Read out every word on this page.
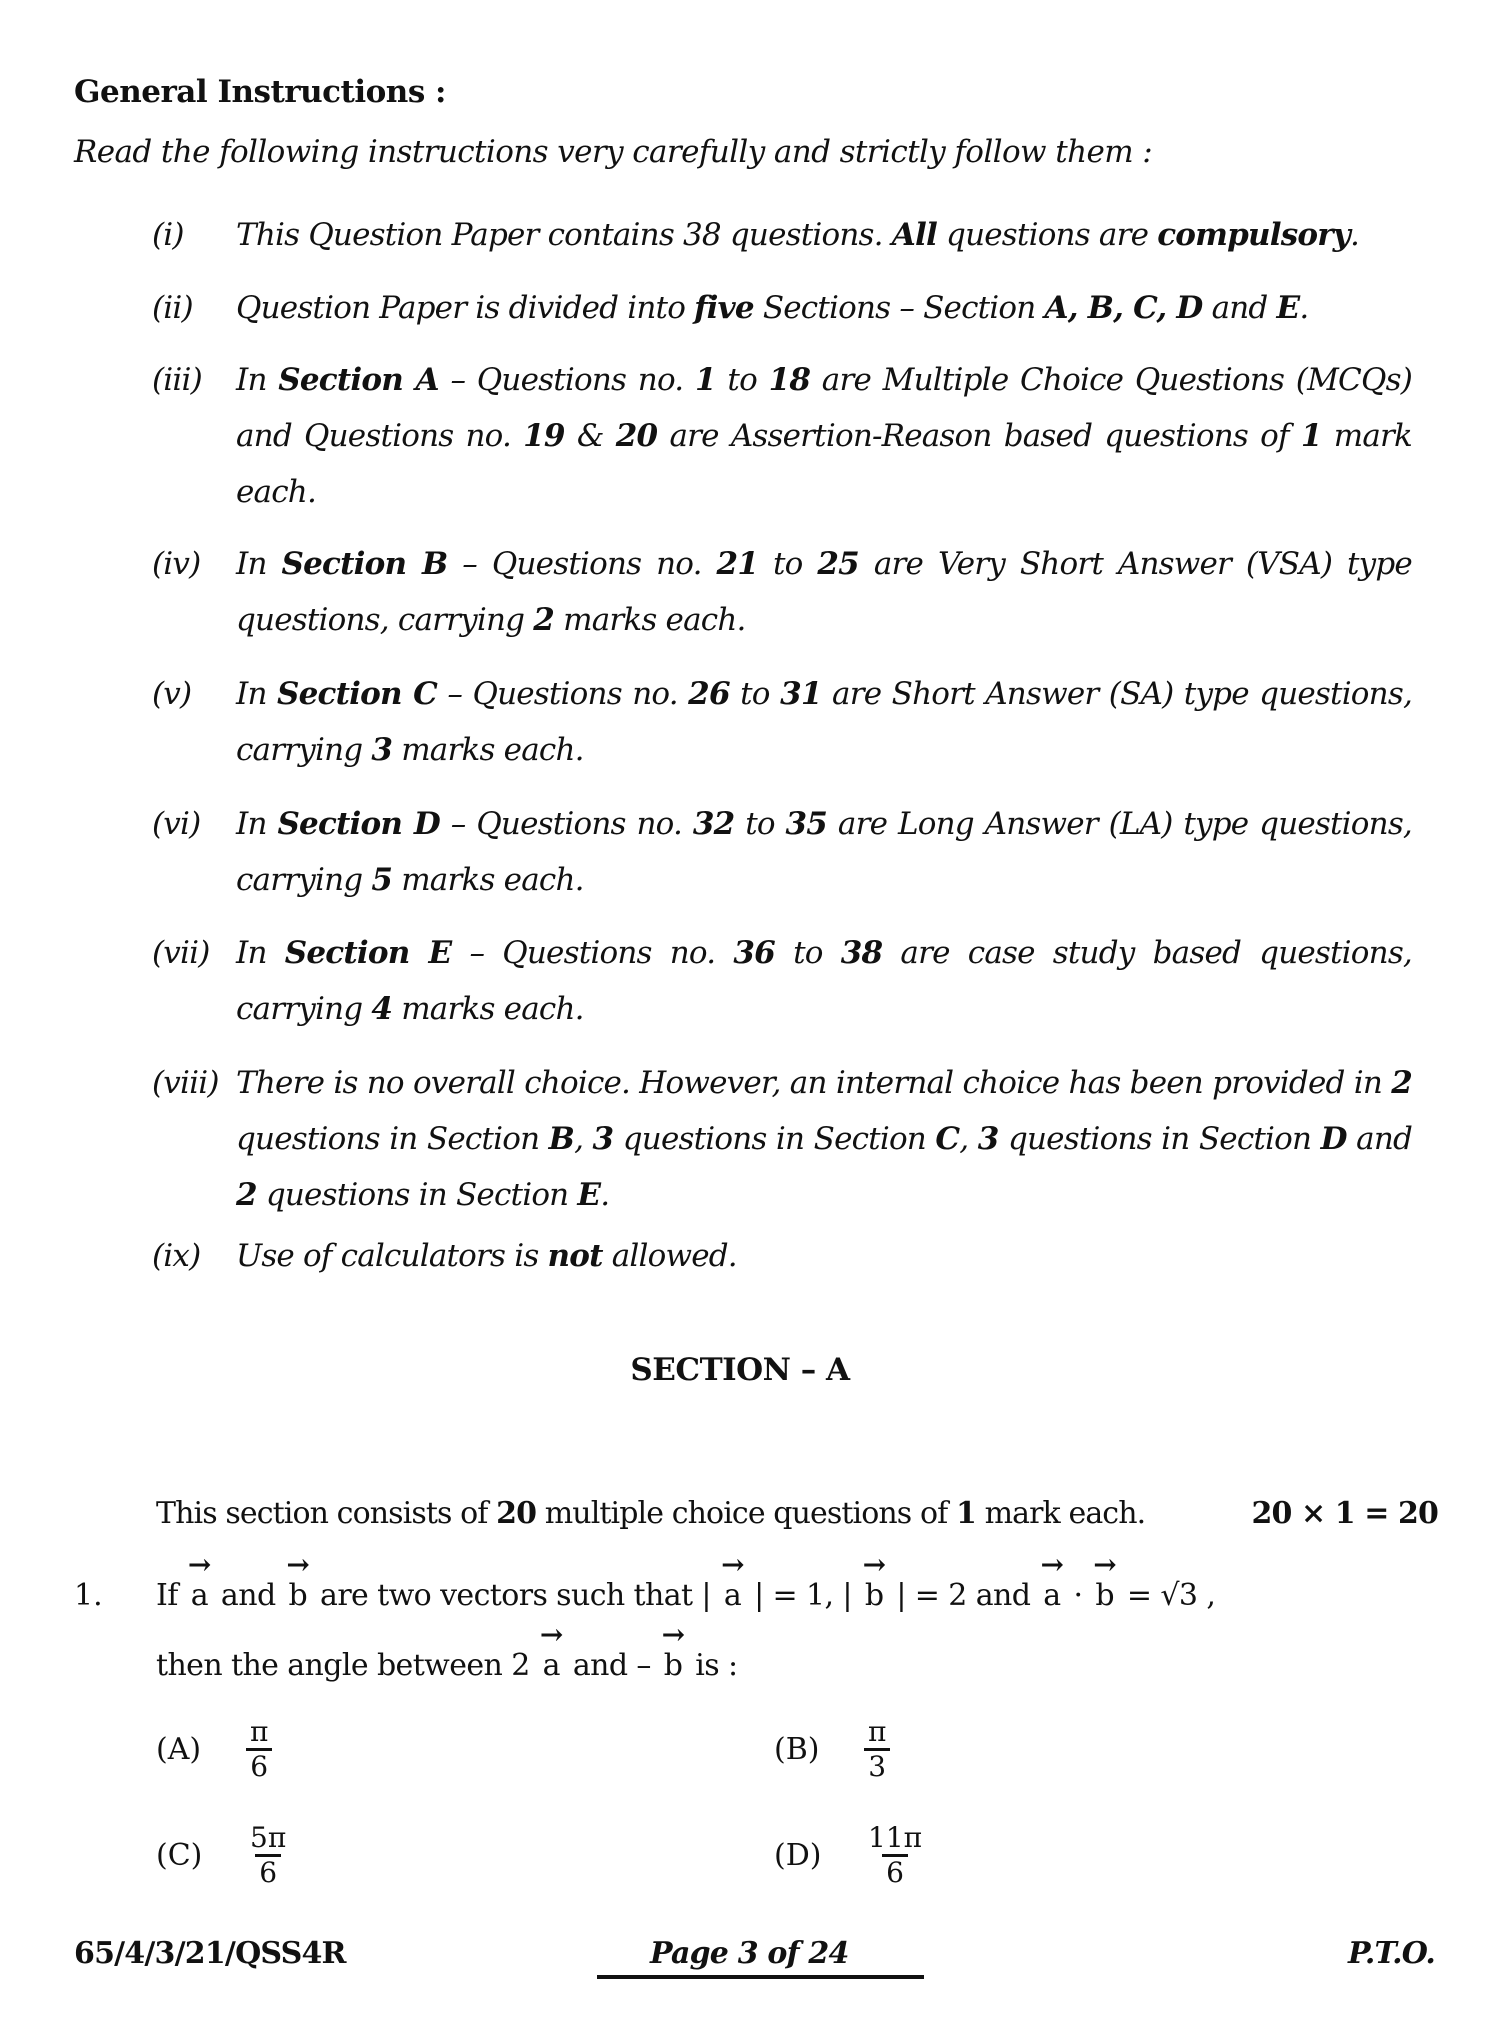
General Instructions :
Read the following instructions very carefully and strictly follow them :
(i) This Question Paper contains 38 questions. All questions are compulsory.
(ii) Question Paper is divided into five Sections – Section A, B, C, D and E.
(iii) In Section A – Questions no. 1 to 18 are Multiple Choice Questions (MCQs) and Questions no. 19 & 20 are Assertion-Reason based questions of 1 mark each.
(iv) In Section B – Questions no. 21 to 25 are Very Short Answer (VSA) type questions, carrying 2 marks each.
(v) In Section C – Questions no. 26 to 31 are Short Answer (SA) type questions, carrying 3 marks each.
(vi) In Section D – Questions no. 32 to 35 are Long Answer (LA) type questions, carrying 5 marks each.
(vii) In Section E – Questions no. 36 to 38 are case study based questions, carrying 4 marks each.
(viii) There is no overall choice. However, an internal choice has been provided in 2 questions in Section B, 3 questions in Section C, 3 questions in Section D and 2 questions in Section E.
(ix) Use of calculators is not allowed.
SECTION – A
This section consists of 20 multiple choice questions of 1 mark each.	20 × 1 = 20
1. If → a and → b are two vectors such that | → a | = 1, | → b | = 2 and → a · → b = √3 ,
then the angle between 2 → a and – → b is :
(A)	$\frac{\pi}{6}$	(B)	$\frac{\pi}{3}$
(C)	$\frac{5\pi}{6}$	(D)	$\frac{11\pi}{6}$
65/4/3/21/QSS4R	Page 3 of 24	P.T.O.
